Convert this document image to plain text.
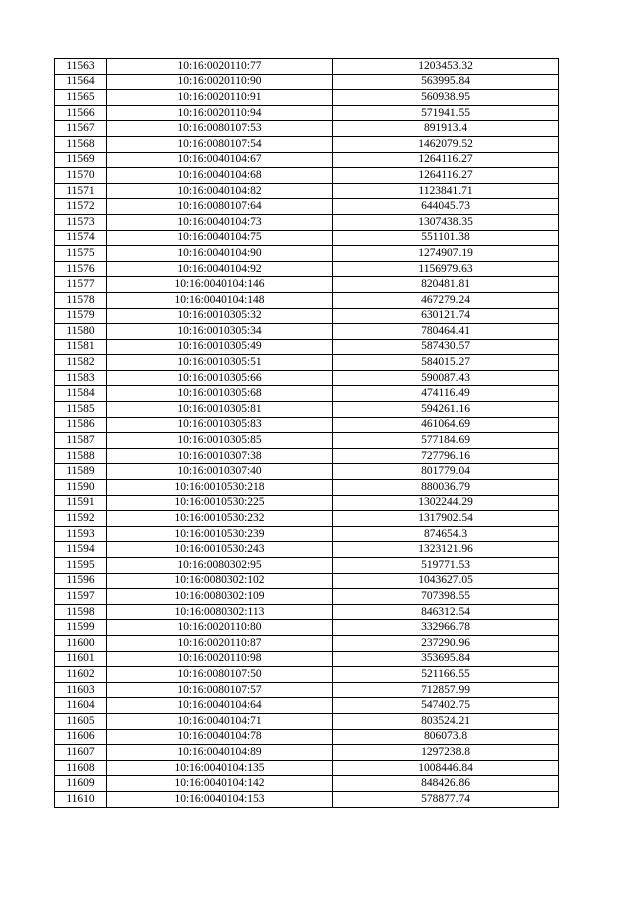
11563	10:16:0020110:77	1203453.32
11564	10:16:0020110:90	563995.84
11565	10:16:0020110:91	560938.95
11566	10:16:0020110:94	571941.55
11567	10:16:0080107:53	891913.4
11568	10:16:0080107:54	1462079.52
11569	10:16:0040104:67	1264116.27
11570	10:16:0040104:68	1264116.27
11571	10:16:0040104:82	1123841.71
11572	10:16:0080107:64	644045.73
11573	10:16:0040104:73	1307438.35
11574	10:16:0040104:75	551101.38
11575	10:16:0040104:90	1274907.19
11576	10:16:0040104:92	1156979.63
11577	10:16:0040104:146	820481.81
11578	10:16:0040104:148	467279.24
11579	10:16:0010305:32	630121.74
11580	10:16:0010305:34	780464.41
11581	10:16:0010305:49	587430.57
11582	10:16:0010305:51	584015.27
11583	10:16:0010305:66	590087.43
11584	10:16:0010305:68	474116.49
11585	10:16:0010305:81	594261.16
11586	10:16:0010305:83	461064.69
11587	10:16:0010305:85	577184.69
11588	10:16:0010307:38	727796.16
11589	10:16:0010307:40	801779.04
11590	10:16:0010530:218	880036.79
11591	10:16:0010530:225	1302244.29
11592	10:16:0010530:232	1317902.54
11593	10:16:0010530:239	874654.3
11594	10:16:0010530:243	1323121.96
11595	10:16:0080302:95	519771.53
11596	10:16:0080302:102	1043627.05
11597	10:16:0080302:109	707398.55
11598	10:16:0080302:113	846312.54
11599	10:16:0020110:80	332966.78
11600	10:16:0020110:87	237290.96
11601	10:16:0020110:98	353695.84
11602	10:16:0080107:50	521166.55
11603	10:16:0080107:57	712857.99
11604	10:16:0040104:64	547402.75
11605	10:16:0040104:71	803524.21
11606	10:16:0040104:78	806073.8
11607	10:16:0040104:89	1297238.8
11608	10:16:0040104:135	1008446.84
11609	10:16:0040104:142	848426.86
11610	10:16:0040104:153	578877.74
